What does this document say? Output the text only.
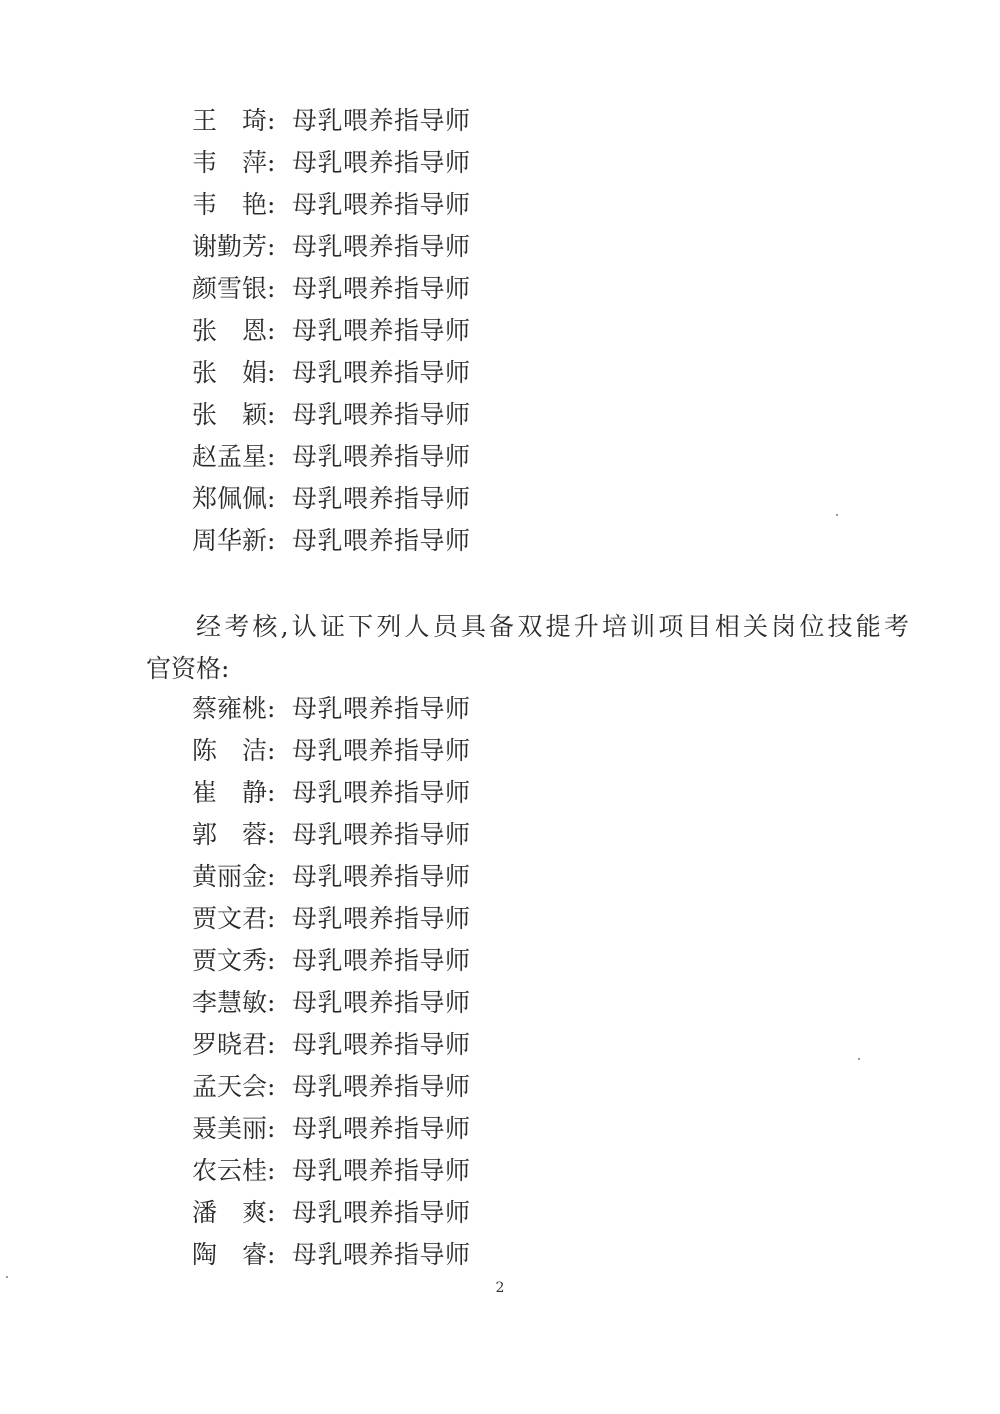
王 琦 : 母乳喂养指导师
韦 萍 : 母乳喂养指导师
韦 艳 : 母乳喂养指导师
谢勤芳 : 母乳喂养指导师
颜雪银 : 母乳喂养指导师
张 恩 : 母乳喂养指导师
张 娟 : 母乳喂养指导师
张 颖 : 母乳喂养指导师
赵孟星 : 母乳喂养指导师
郑佩佩 : 母乳喂养指导师
周华新 : 母乳喂养指导师
经考核,认证下列人员具备双提升培训项目相关岗位技能考
官资格:
蔡雍桃 : 母乳喂养指导师
陈 洁 : 母乳喂养指导师
崔 静 : 母乳喂养指导师
郭 蓉 : 母乳喂养指导师
黄丽金 : 母乳喂养指导师
贾文君 : 母乳喂养指导师
贾文秀 : 母乳喂养指导师
李慧敏 : 母乳喂养指导师
罗晓君 : 母乳喂养指导师
孟天会 : 母乳喂养指导师
聂美丽 : 母乳喂养指导师
农云桂 : 母乳喂养指导师
潘 爽 : 母乳喂养指导师
陶 睿 : 母乳喂养指导师
2
